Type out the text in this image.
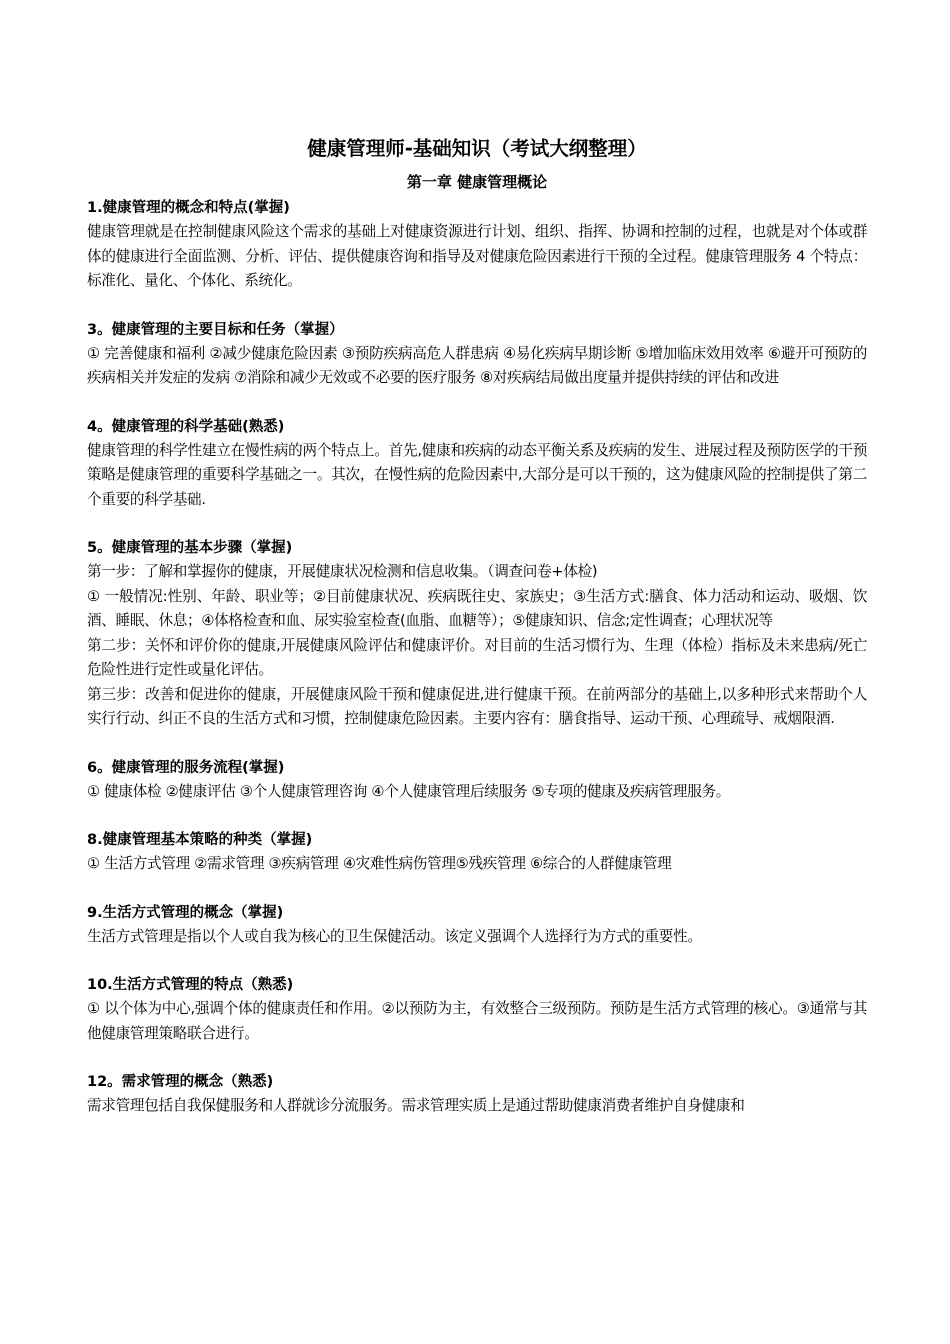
健康管理师-基础知识（考试大纲整理）
第一章 健康管理概论
1.健康管理的概念和特点(掌握)

健康管理就是在控制健康风险这个需求的基础上对健康资源进行计划、组织、指挥、协调和控制的过程，也就是对个体或群体的健康进行全面监测、分析、评估、提供健康咨询和指导及对健康危险因素进行干预的全过程。健康管理服务 4 个特点：标准化、量化、个体化、系统化。

3。健康管理的主要目标和任务（掌握）

① 完善健康和福利 ②减少健康危险因素 ③预防疾病高危人群患病 ④易化疾病早期诊断 ⑤增加临床效用效率 ⑥避开可预防的疾病相关并发症的发病 ⑦消除和减少无效或不必要的医疗服务 ⑧对疾病结局做出度量并提供持续的评估和改进

4。健康管理的科学基础(熟悉)

健康管理的科学性建立在慢性病的两个特点上。首先,健康和疾病的动态平衡关系及疾病的发生、进展过程及预防医学的干预策略是健康管理的重要科学基础之一。其次，在慢性病的危险因素中,大部分是可以干预的，这为健康风险的控制提供了第二个重要的科学基础.

5。健康管理的基本步骤（掌握)

第一步：了解和掌握你的健康，开展健康状况检测和信息收集。（调查问卷+体检)

① 一般情况:性别、年龄、职业等；②目前健康状况、疾病既往史、家族史；③生活方式:膳食、体力活动和运动、吸烟、饮酒、睡眠、休息；④体格检查和血、尿实验室检查(血脂、血糖等）；⑤健康知识、信念;定性调查；心理状况等

第二步：关怀和评价你的健康,开展健康风险评估和健康评价。对目前的生活习惯行为、生理（体检）指标及未来患病/死亡危险性进行定性或量化评估。

第三步：改善和促进你的健康，开展健康风险干预和健康促进,进行健康干预。在前两部分的基础上,以多种形式来帮助个人实行行动、纠正不良的生活方式和习惯，控制健康危险因素。主要内容有：膳食指导、运动干预、心理疏导、戒烟限酒.

6。健康管理的服务流程(掌握)

① 健康体检 ②健康评估 ③个人健康管理咨询 ④个人健康管理后续服务 ⑤专项的健康及疾病管理服务。

8.健康管理基本策略的种类（掌握)

① 生活方式管理 ②需求管理 ③疾病管理 ④灾难性病伤管理⑤残疾管理 ⑥综合的人群健康管理

9.生活方式管理的概念（掌握)

生活方式管理是指以个人或自我为核心的卫生保健活动。该定义强调个人选择行为方式的重要性。

10.生活方式管理的特点（熟悉)

① 以个体为中心,强调个体的健康责任和作用。②以预防为主，有效整合三级预防。预防是生活方式管理的核心。③通常与其他健康管理策略联合进行。

12。需求管理的概念（熟悉)

需求管理包括自我保健服务和人群就诊分流服务。需求管理实质上是通过帮助健康消费者维护自身健康和
